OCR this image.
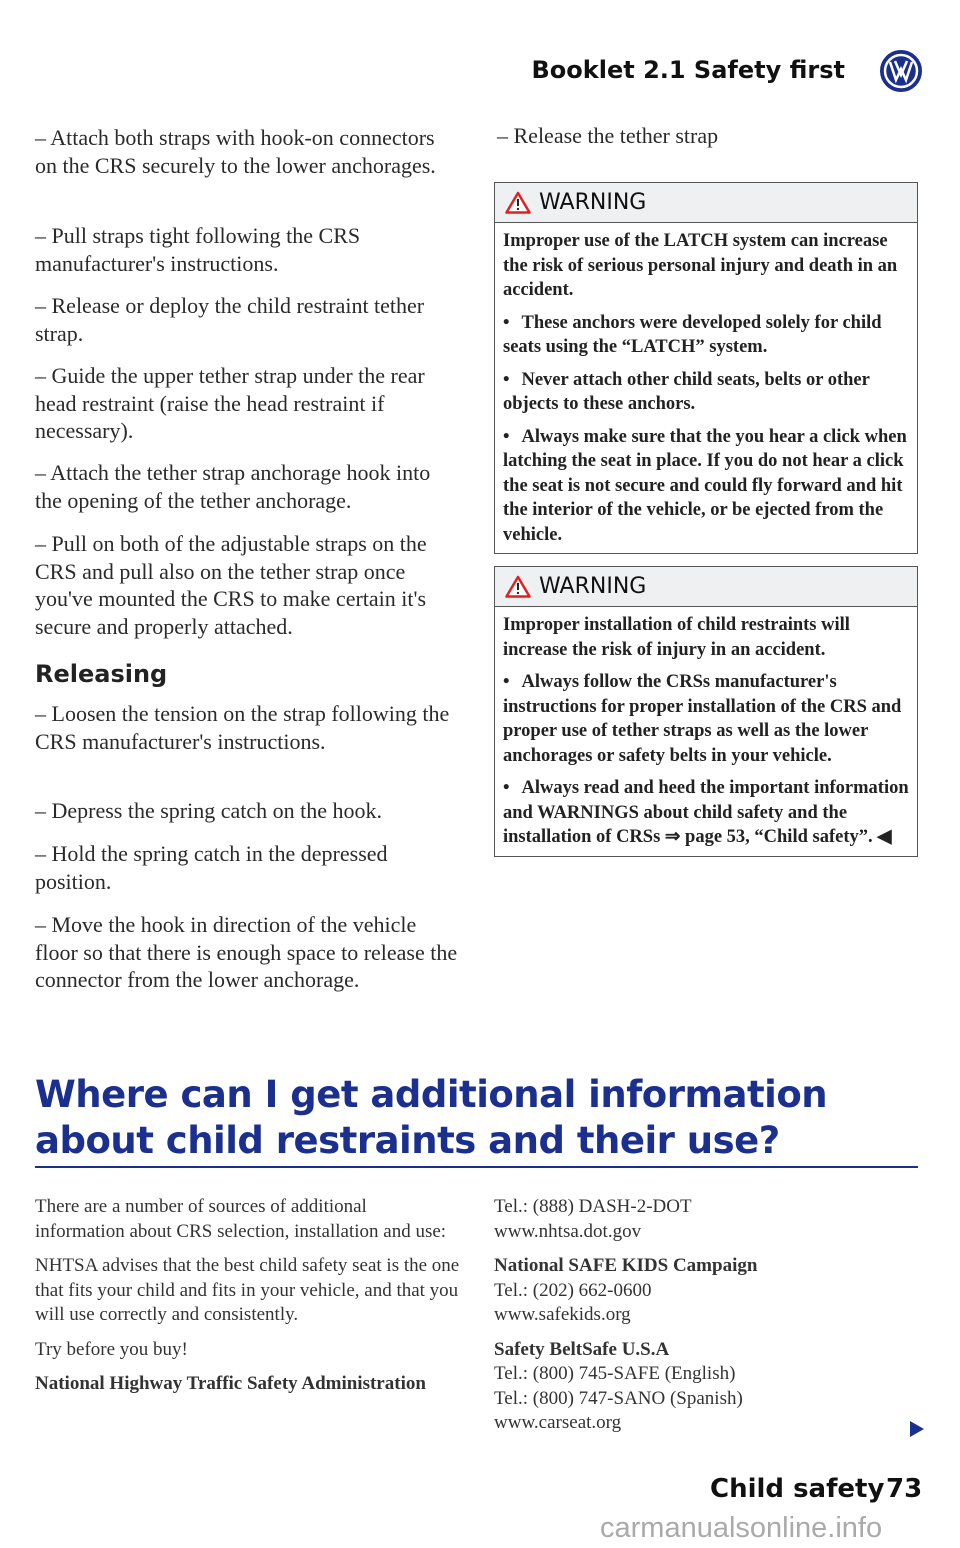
Booklet 2.1 Safety first

– Attach both straps with hook-on connectors on the CRS securely to the lower anchorages.

– Pull straps tight following the CRS manufacturer's instructions.

– Release or deploy the child restraint tether strap.

– Guide the upper tether strap under the rear head restraint (raise the head restraint if necessary).

– Attach the tether strap anchorage hook into the opening of the tether anchorage.

– Pull on both of the adjustable straps on the CRS and pull also on the tether strap once you've mounted the CRS to make certain it's secure and properly attached.

Releasing

– Loosen the tension on the strap following the CRS manufacturer's instructions.

– Depress the spring catch on the hook.

– Hold the spring catch in the depressed position.

– Move the hook in direction of the vehicle floor so that there is enough space to release the connector from the lower anchorage.

– Release the tether strap

WARNING

Improper use of the LATCH system can increase the risk of serious personal injury and death in an accident.

• These anchors were developed solely for child seats using the “LATCH” system.

• Never attach other child seats, belts or other objects to these anchors.

• Always make sure that the you hear a click when latching the seat in place. If you do not hear a click the seat is not secure and could fly forward and hit the interior of the vehicle, or be ejected from the vehicle.

WARNING

Improper installation of child restraints will increase the risk of injury in an accident.

• Always follow the CRSs manufacturer's instructions for proper installation of the CRS and proper use of tether straps as well as the lower anchorages or safety belts in your vehicle.

• Always read and heed the important information and WARNINGS about child safety and the installation of CRSs ⇒ page 53, “Child safety”. ◀

Where can I get additional information about child restraints and their use?

There are a number of sources of additional information about CRS selection, installation and use:

NHTSA advises that the best child safety seat is the one that fits your child and fits in your vehicle, and that you will use correctly and consistently.

Try before you buy!

National Highway Traffic Safety Administration

Tel.: (888) DASH-2-DOT
www.nhtsa.dot.gov

National SAFE KIDS Campaign
Tel.: (202) 662-0600
www.safekids.org

Safety BeltSafe U.S.A
Tel.: (800) 745-SAFE (English)
Tel.: (800) 747-SANO (Spanish)
www.carseat.org

Child safety 73
carmanualsonline.info
